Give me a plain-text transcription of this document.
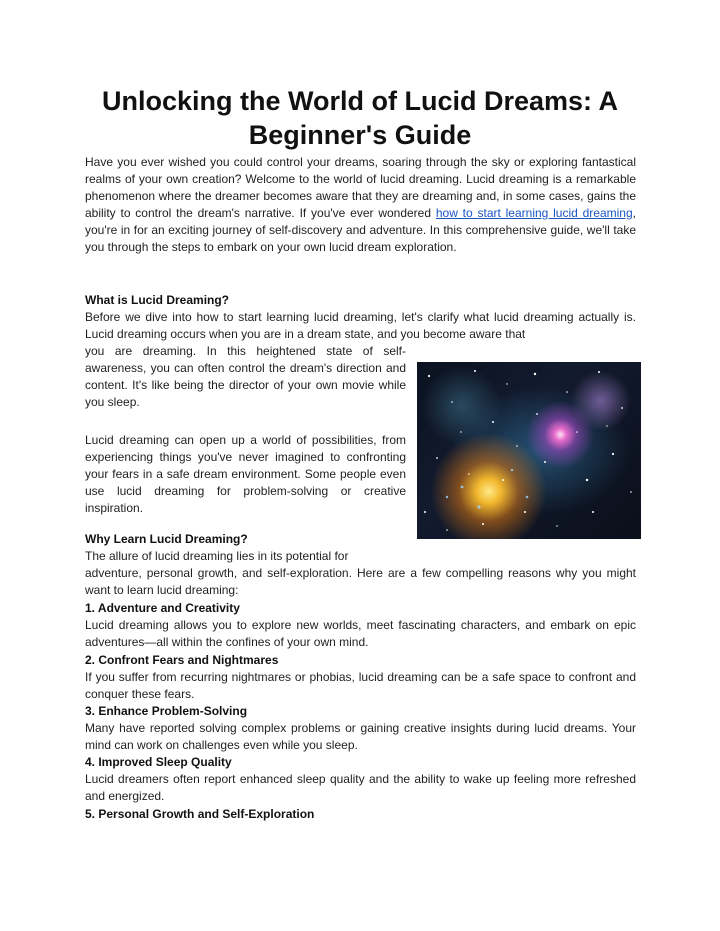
Unlocking the World of Lucid Dreams: A
Beginner's Guide
Have you ever wished you could control your dreams, soaring through the sky or exploring fantastical realms of your own creation? Welcome to the world of lucid dreaming. Lucid dreaming is a remarkable phenomenon where the dreamer becomes aware that they are dreaming and, in some cases, gains the ability to control the dream's narrative. If you've ever wondered how to start learning lucid dreaming, you're in for an exciting journey of self-discovery and adventure. In this comprehensive guide, we'll take you through the steps to embark on your own lucid dream exploration.
What is Lucid Dreaming?
Before we dive into how to start learning lucid dreaming, let's clarify what lucid dreaming actually is. Lucid dreaming occurs when you are in a dream state, and you become aware that
you are dreaming. In this heightened state of self-awareness, you can often control the dream's direction and content. It's like being the director of your own movie while you sleep.
Lucid dreaming can open up a world of possibilities, from experiencing things you've never imagined to confronting your fears in a safe dream environment. Some people even use lucid dreaming for problem-solving or creative inspiration.
Why Learn Lucid Dreaming?
The allure of lucid dreaming lies in its potential for
adventure, personal growth, and self-exploration. Here are a few compelling reasons why you might want to learn lucid dreaming:
1. Adventure and Creativity
Lucid dreaming allows you to explore new worlds, meet fascinating characters, and embark on epic adventures—all within the confines of your own mind.
2. Confront Fears and Nightmares
If you suffer from recurring nightmares or phobias, lucid dreaming can be a safe space to confront and conquer these fears.
3. Enhance Problem-Solving
Many have reported solving complex problems or gaining creative insights during lucid dreams. Your mind can work on challenges even while you sleep.
4. Improved Sleep Quality
Lucid dreamers often report enhanced sleep quality and the ability to wake up feeling more refreshed and energized.
5. Personal Growth and Self-Exploration
